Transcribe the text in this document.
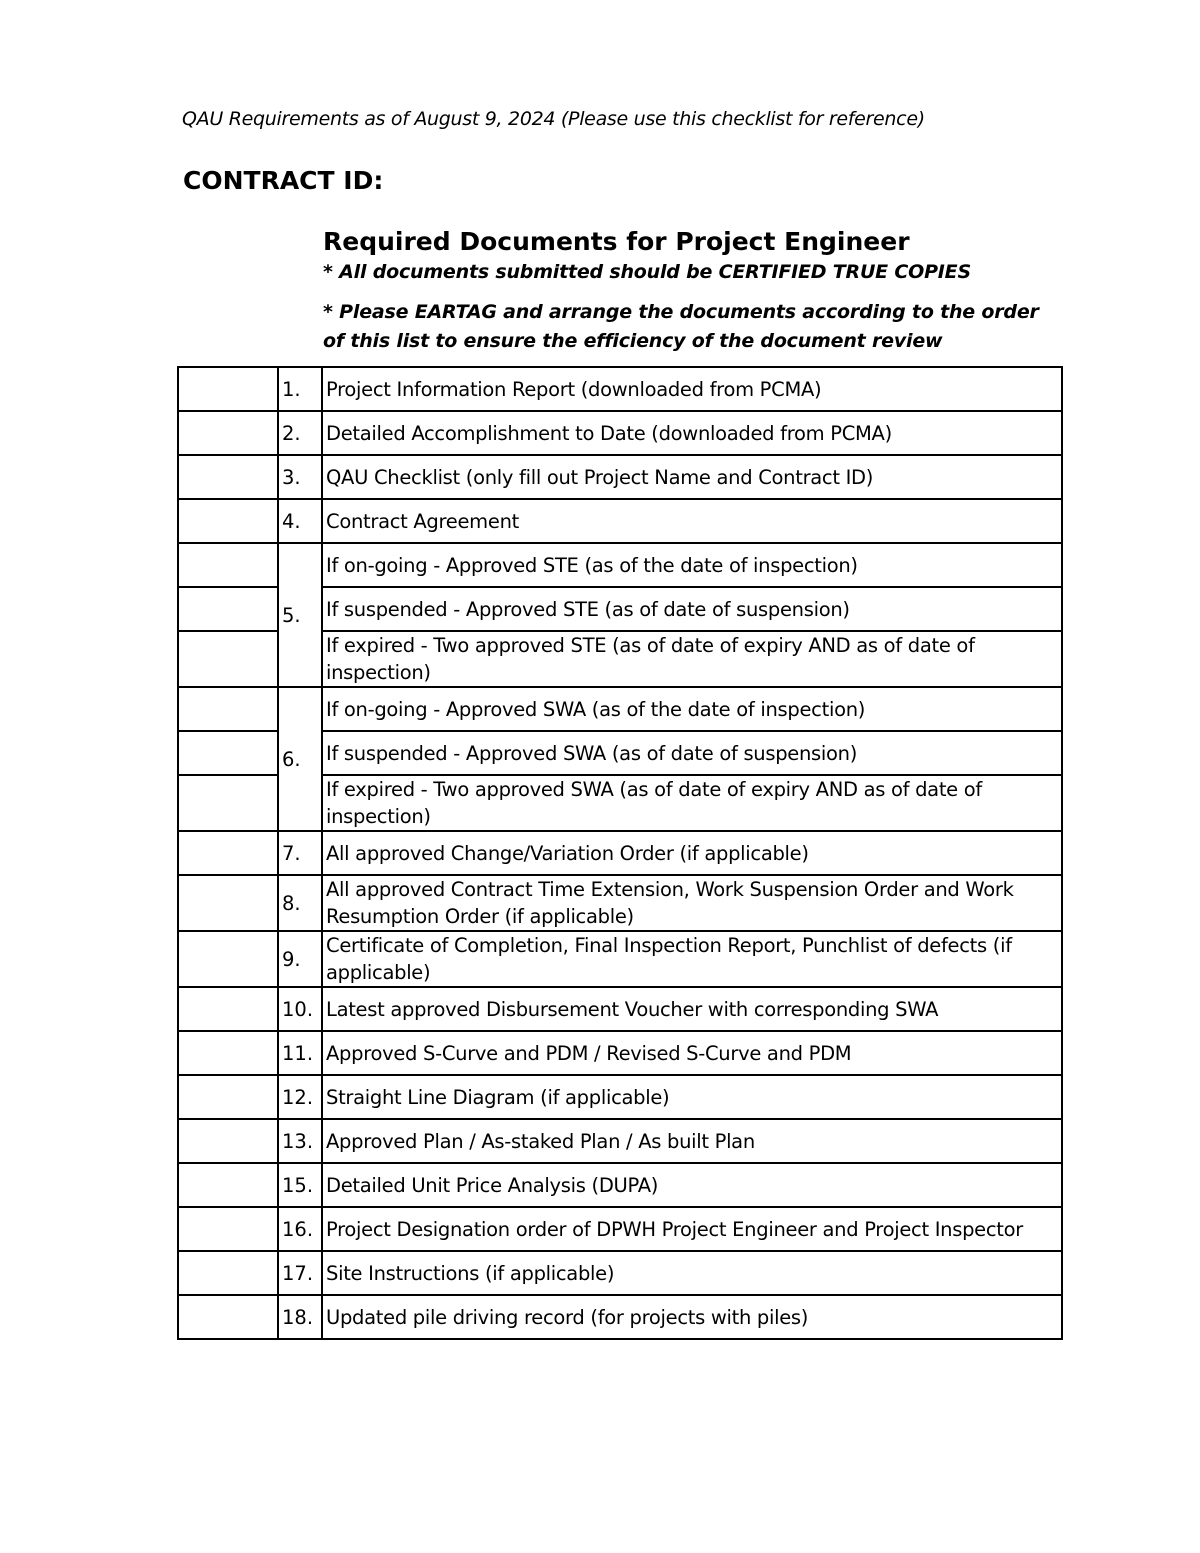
QAU Requirements as of August 9, 2024 (Please use this checklist for reference)
CONTRACT ID:
Required Documents for Project Engineer
* All documents submitted should be CERTIFIED TRUE COPIES
* Please EARTAG and arrange the documents according to the order of this list to ensure the efficiency of the document review
	1.	Project Information Report (downloaded from PCMA)
	2.	Detailed Accomplishment to Date (downloaded from PCMA)
	3.	QAU Checklist (only fill out Project Name and Contract ID)
	4.	Contract Agreement
	5.	If on-going - Approved STE (as of the date of inspection)
		If suspended - Approved STE (as of date of suspension)
		If expired - Two approved STE (as of date of expiry AND as of date of inspection)
	6.	If on-going - Approved SWA (as of the date of inspection)
		If suspended - Approved SWA (as of date of suspension)
		If expired - Two approved SWA (as of date of expiry AND as of date of inspection)
	7.	All approved Change/Variation Order (if applicable)
	8.	All approved Contract Time Extension, Work Suspension Order and Work Resumption Order (if applicable)
	9.	Certificate of Completion, Final Inspection Report, Punchlist of defects (if applicable)
	10.	Latest approved Disbursement Voucher with corresponding SWA
	11.	Approved S-Curve and PDM / Revised S-Curve and PDM
	12.	Straight Line Diagram (if applicable)
	13.	Approved Plan / As-staked Plan / As built Plan
	15.	Detailed Unit Price Analysis (DUPA)
	16.	Project Designation order of DPWH Project Engineer and Project Inspector
	17.	Site Instructions (if applicable)
	18.	Updated pile driving record (for projects with piles)
